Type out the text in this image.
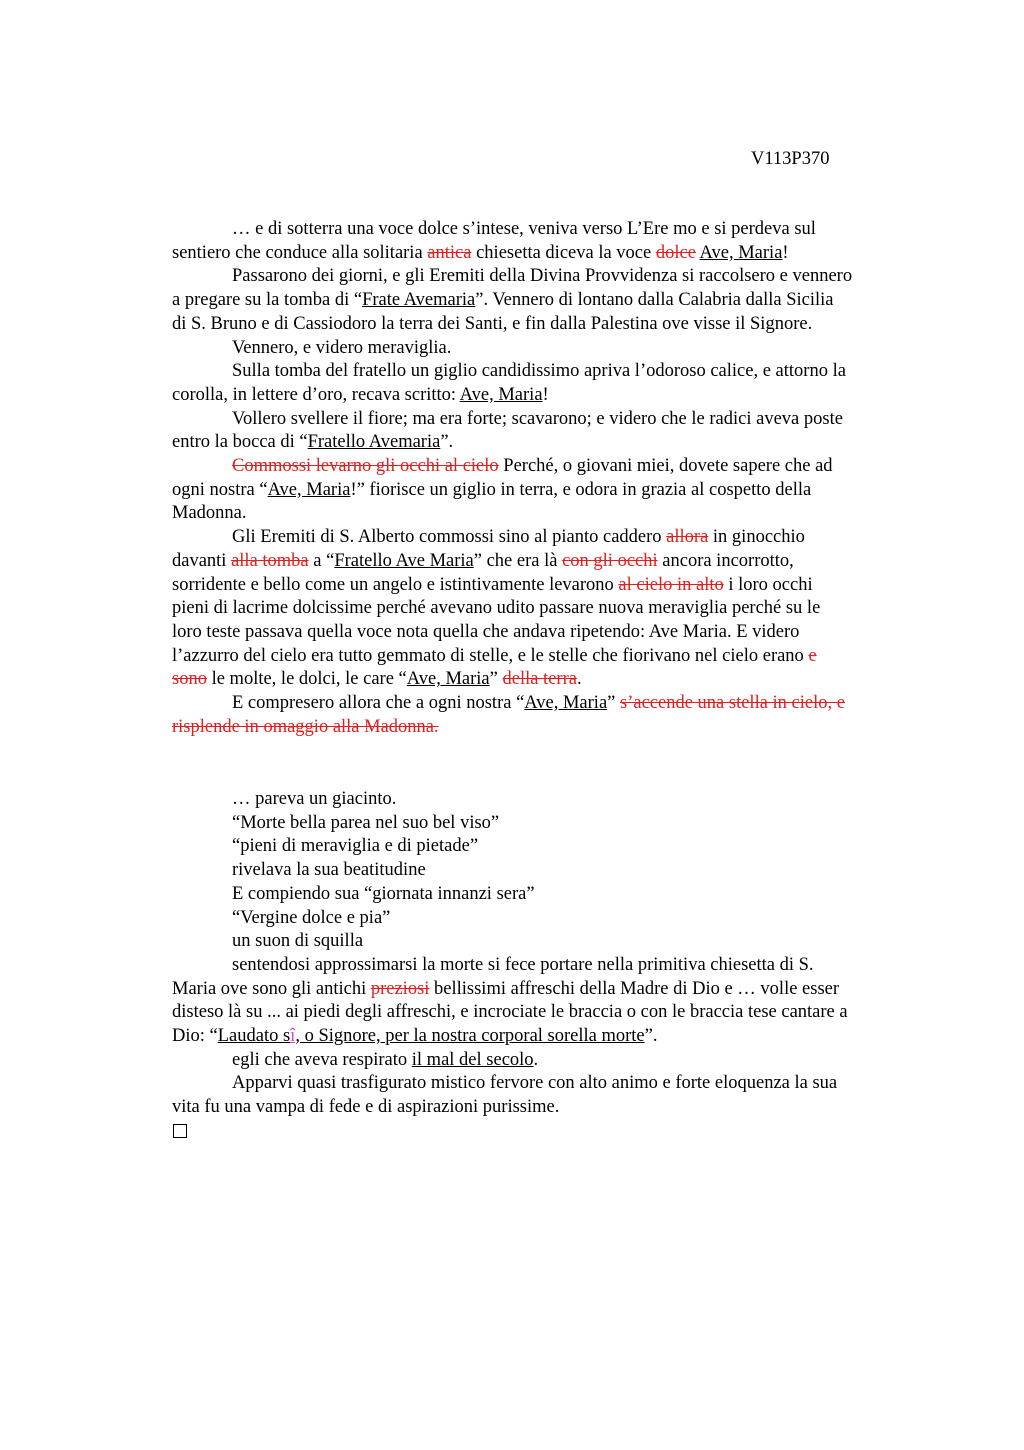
V113P370
… e di sotterra una voce dolce s’intese, veniva verso L’Ere mo e si perdeva sul
sentiero che conduce alla solitaria antica chiesetta diceva la voce dolce Ave, Maria!
Passarono dei giorni, e gli Eremiti della Divina Provvidenza si raccolsero e vennero
a pregare su la tomba di “Frate Avemaria”. Vennero di lontano dalla Calabria dalla Sicilia
di S. Bruno e di Cassiodoro la terra dei Santi, e fin dalla Palestina ove visse il Signore.
Vennero, e videro meraviglia.
Sulla tomba del fratello un giglio candidissimo apriva l’odoroso calice, e attorno la
corolla, in lettere d’oro, recava scritto: Ave, Maria!
Vollero svellere il fiore; ma era forte; scavarono; e videro che le radici aveva poste
entro la bocca di “Fratello Avemaria”.
Commossi levarno gli occhi al cielo Perché, o giovani miei, dovete sapere che ad
ogni nostra “Ave, Maria!” fiorisce un giglio in terra, e odora in grazia al cospetto della
Madonna.
Gli Eremiti di S. Alberto commossi sino al pianto caddero allora in ginocchio
davanti alla tomba a “Fratello Ave Maria” che era là con gli occhi ancora incorrotto,
sorridente e bello come un angelo e istintivamente levarono al cielo in alto i loro occhi
pieni di lacrime dolcissime perché avevano udito passare nuova meraviglia perché su le
loro teste passava quella voce nota quella che andava ripetendo: Ave Maria. E videro
l’azzurro del cielo era tutto gemmato di stelle, e le stelle che fiorivano nel cielo erano e
sono le molte, le dolci, le care “Ave, Maria” della terra.
E compresero allora che a ogni nostra “Ave, Maria” s’accende una stella in cielo, e
risplende in omaggio alla Madonna.
… pareva un giacinto.
“Morte bella parea nel suo bel viso”
“pieni di meraviglia e di pietade”
rivelava la sua beatitudine
E compiendo sua “giornata innanzi sera”
“Vergine dolce e pia”
un suon di squilla
sentendosi approssimarsi la morte si fece portare nella primitiva chiesetta di S.
Maria ove sono gli antichi preziosi bellissimi affreschi della Madre di Dio e … volle esser
disteso là su ... ai piedi degli affreschi, e incrociate le braccia o con le braccia tese cantare a
Dio: “Laudato sî, o Signore, per la nostra corporal sorella morte”.
egli che aveva respirato il mal del secolo.
Apparvi quasi trasfigurato mistico fervore con alto animo e forte eloquenza la sua
vita fu una vampa di fede e di aspirazioni purissime.
